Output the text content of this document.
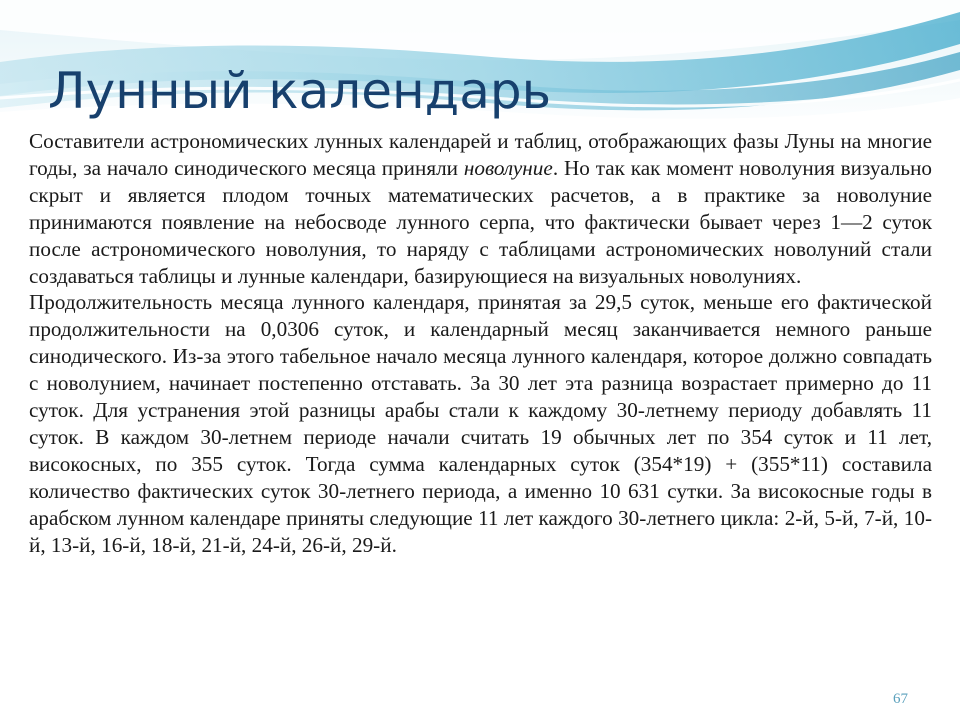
Лунный календарь

Составители астрономических лунных календарей и таблиц, отображающих фазы Луны на многие годы, за начало синодического месяца приняли новолуние. Но так как момент новолуния визуально скрыт и является плодом точных математических расчетов, а в практике за новолуние принимаются появление на небосводе лунного серпа, что фактически бывает через 1—2 суток после астрономического новолуния, то наряду с таблицами астрономических новолуний стали создаваться таблицы и лунные календари, базирующиеся на визуальных новолуниях.

Продолжительность месяца лунного календаря, принятая за 29,5 суток, меньше его фактической продолжительности на 0,0306 суток, и календарный месяц заканчивается немного раньше синодического. Из-за этого табельное начало месяца лунного календаря, которое должно совпадать с новолунием, начинает постепенно отставать. За 30 лет эта разница возрастает примерно до 11 суток. Для устранения этой разницы арабы стали к каждому 30-летнему периоду добавлять 11 суток. В каждом 30-летнем периоде начали считать 19 обычных лет по 354 суток и 11 лет, високосных, по 355 суток. Тогда сумма календарных суток (354*19) + (355*11) составила количество фактических суток 30-летнего периода, а именно 10 631 сутки. За високосные годы в арабском лунном календаре приняты следующие 11 лет каждого 30-летнего цикла: 2-й, 5-й, 7-й, 10-й, 13-й, 16-й, 18-й, 21-й, 24-й, 26-й, 29-й.

67
